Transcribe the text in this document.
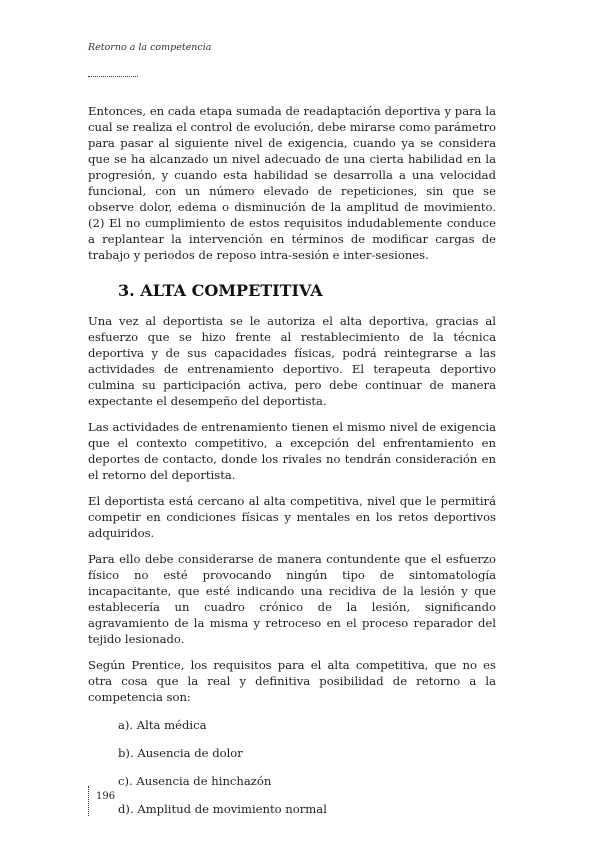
Retorno a la competencia

Entonces, en cada etapa sumada de readaptación deportiva y para la cual se realiza el control de evolución, debe mirarse como parámetro para pasar al siguiente nivel de exigencia, cuando ya se considera que se ha alcanzado un nivel adecuado de una cierta habilidad en la progresión, y cuando esta habilidad se desarrolla a una velocidad funcional, con un número elevado de repeticiones, sin que se observe dolor, edema o disminución de la amplitud de movimiento. (2) El no cumplimiento de estos requisitos indudablemente conduce a replantear la intervención en términos de modificar cargas de trabajo y periodos de reposo intra-sesión e inter-sesiones.

3. ALTA COMPETITIVA

Una vez al deportista se le autoriza el alta deportiva, gracias al esfuerzo que se hizo frente al restablecimiento de la técnica deportiva y de sus capacidades físicas, podrá reintegrarse a las actividades de entrenamiento deportivo. El terapeuta deportivo culmina su participación activa, pero debe continuar de manera expectante el desempeño del deportista.

Las actividades de entrenamiento tienen el mismo nivel de exigencia que el contexto competitivo, a excepción del enfrentamiento en deportes de contacto, donde los rivales no tendrán consideración en el retorno del deportista.

El deportista está cercano al alta competitiva, nivel que le permitirá competir en condiciones físicas y mentales en los retos deportivos adquiridos.

Para ello debe considerarse de manera contundente que el esfuerzo físico no esté provocando ningún tipo de sintomatología incapacitante, que esté indicando una recidiva de la lesión y que establecería un cuadro crónico de la lesión, significando agravamiento de la misma y retroceso en el proceso reparador del tejido lesionado.

Según Prentice, los requisitos para el alta competitiva, que no es otra cosa que la real y definitiva posibilidad de retorno a la competencia son:

a). Alta médica
b). Ausencia de dolor
c). Ausencia de hinchazón
d). Amplitud de movimiento normal
196
